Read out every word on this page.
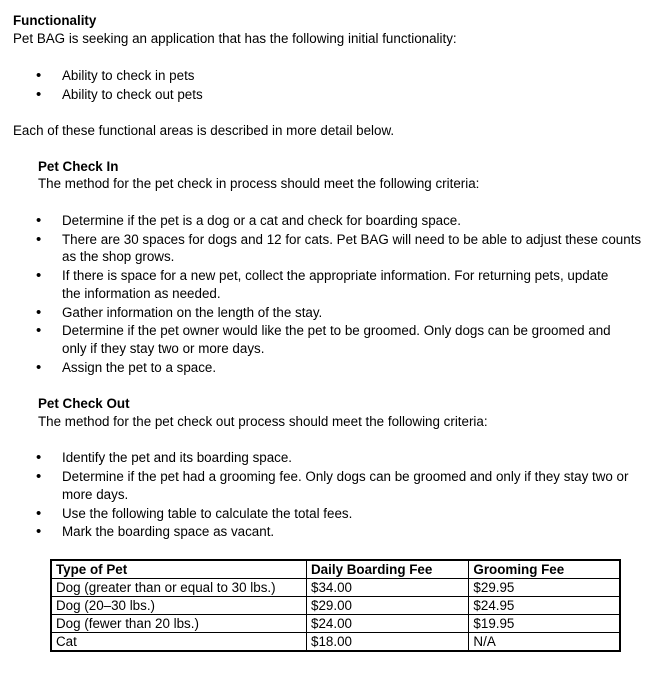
Functionality
Pet BAG is seeking an application that has the following initial functionality:
• Ability to check in pets
• Ability to check out pets
Each of these functional areas is described in more detail below.
Pet Check In
The method for the pet check in process should meet the following criteria:
• Determine if the pet is a dog or a cat and check for boarding space.
• There are 30 spaces for dogs and 12 for cats. Pet BAG will need to be able to adjust these counts
as the shop grows.
• If there is space for a new pet, collect the appropriate information. For returning pets, update
the information as needed.
• Gather information on the length of the stay.
• Determine if the pet owner would like the pet to be groomed. Only dogs can be groomed and
only if they stay two or more days.
• Assign the pet to a space.
Pet Check Out
The method for the pet check out process should meet the following criteria:
• Identify the pet and its boarding space.
• Determine if the pet had a grooming fee. Only dogs can be groomed and only if they stay two or
more days.
• Use the following table to calculate the total fees.
• Mark the boarding space as vacant.
Type of Pet	Daily Boarding Fee	Grooming Fee
Dog (greater than or equal to 30 lbs.)	$34.00	$29.95
Dog (20–30 lbs.)	$29.00	$24.95
Dog (fewer than 20 lbs.)	$24.00	$19.95
Cat	$18.00	N/A
